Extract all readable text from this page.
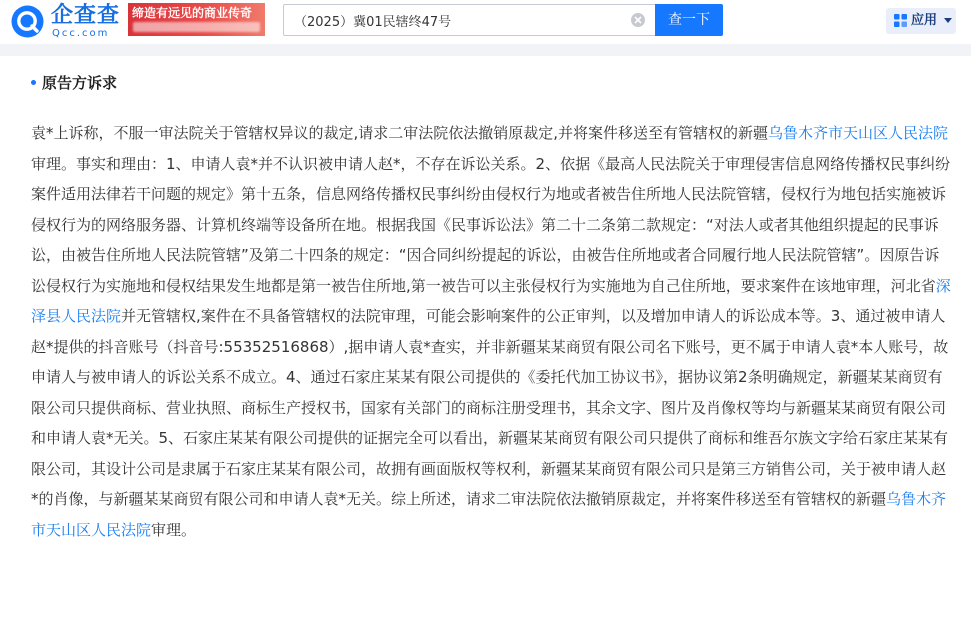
企查查
Qcc.com
缔造有远见的商业传奇
（2025）冀01民辖终47号	查一下	应用
原告方诉求

袁*上诉称，不服一审法院关于管辖权异议的裁定,请求二审法院依法撤销原裁定,并将案件移送至有管辖权的新疆乌鲁木齐市天山区人民法院审理。事实和理由：1、申请人袁*并不认识被申请人赵*，不存在诉讼关系。2、依据《最高人民法院关于审理侵害信息网络传播权民事纠纷案件适用法律若干问题的规定》第十五条，信息网络传播权民事纠纷由侵权行为地或者被告住所地人民法院管辖，侵权行为地包括实施被诉侵权行为的网络服务器、计算机终端等设备所在地。根据我国《民事诉讼法》第二十二条第二款规定：“对法人或者其他组织提起的民事诉讼，由被告住所地人民法院管辖”及第二十四条的规定：“因合同纠纷提起的诉讼，由被告住所地或者合同履行地人民法院管辖”。因原告诉讼侵权行为实施地和侵权结果发生地都是第一被告住所地,第一被告可以主张侵权行为实施地为自己住所地，要求案件在该地审理，河北省深泽县人民法院并无管辖权,案件在不具备管辖权的法院审理，可能会影响案件的公正审判，以及增加申请人的诉讼成本等。3、通过被申请人赵*提供的抖音账号（抖音号:55352516868）,据申请人袁*查实，并非新疆某某商贸有限公司名下账号，更不属于申请人袁*本人账号，故申请人与被申请人的诉讼关系不成立。4、通过石家庄某某有限公司提供的《委托代加工协议书》，据协议第2条明确规定，新疆某某商贸有限公司只提供商标、营业执照、商标生产授权书，国家有关部门的商标注册受理书，其余文字、图片及肖像权等均与新疆某某商贸有限公司和申请人袁*无关。5、石家庄某某有限公司提供的证据完全可以看出，新疆某某商贸有限公司只提供了商标和维吾尔族文字给石家庄某某有限公司，其设计公司是隶属于石家庄某某有限公司，故拥有画面版权等权利，新疆某某商贸有限公司只是第三方销售公司，关于被申请人赵*的肖像，与新疆某某商贸有限公司和申请人袁*无关。综上所述，请求二审法院依法撤销原裁定，并将案件移送至有管辖权的新疆乌鲁木齐市天山区人民法院审理。
